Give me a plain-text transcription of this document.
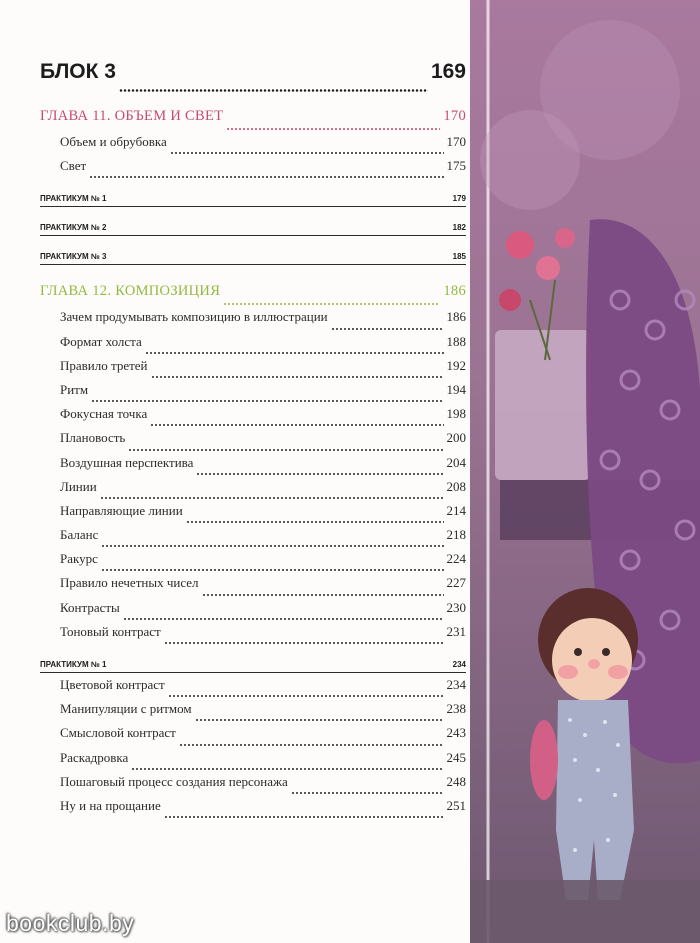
БЛОК 3	169
ГЛАВА 11. ОБЪЕМ И СВЕТ	170
Объем и обрубовка	170
Свет	175
ПРАКТИКУМ № 1	179
ПРАКТИКУМ № 2	182
ПРАКТИКУМ № 3	185
ГЛАВА 12. КОМПОЗИЦИЯ	186
Зачем продумывать композицию в иллюстрации	186
Формат холста	188
Правило третей	192
Ритм	194
Фокусная точка	198
Плановость	200
Воздушная перспектива	204
Линии	208
Направляющие линии	214
Баланс	218
Ракурс	224
Правило нечетных чисел	227
Контрасты	230
Тоновый контраст	231
ПРАКТИКУМ № 1	234
Цветовой контраст	234
Манипуляции с ритмом	238
Смысловой контраст	243
Раскадровка	245
Пошаговый процесс создания персонажа	248
Ну и на прощание	251
bookclub.by
